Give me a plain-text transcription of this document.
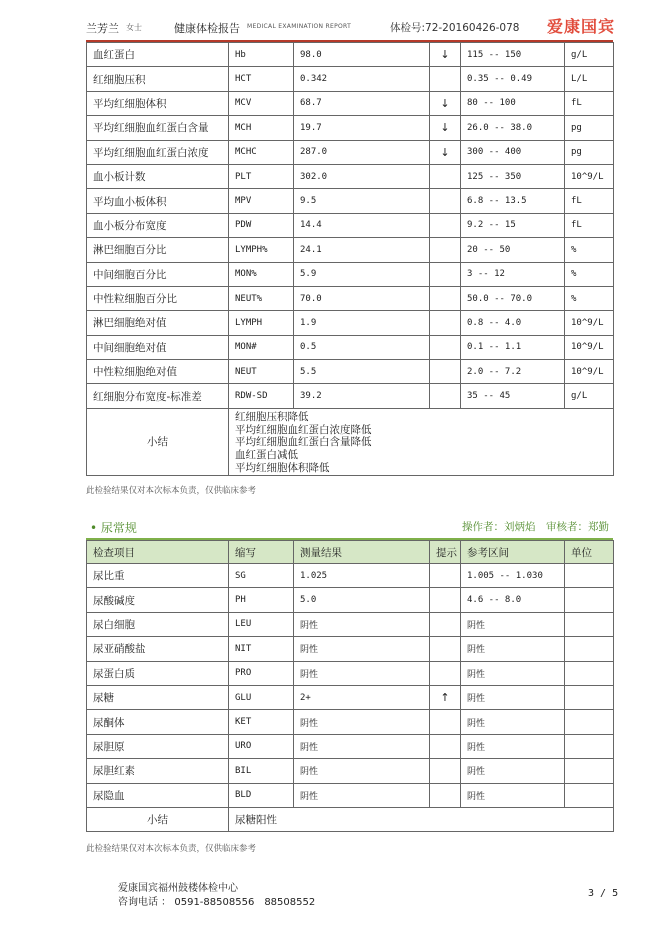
兰芳兰 女士	健康体检报告 MEDICAL EXAMINATION REPORT	体检号:72-20160426-078 爱康国宾
血红蛋白	Hb	98.0	↓	115 -- 150	g/L
红细胞压积	HCT	0.342		0.35 -- 0.49	L/L
平均红细胞体积	MCV	68.7	↓	80 -- 100	fL
平均红细胞血红蛋白含量	MCH	19.7	↓	26.0 -- 38.0	pg
平均红细胞血红蛋白浓度	MCHC	287.0	↓	300 -- 400	pg
血小板计数	PLT	302.0		125 -- 350	10^9/L
平均血小板体积	MPV	9.5		6.8 -- 13.5	fL
血小板分布宽度	PDW	14.4		9.2 -- 15	fL
淋巴细胞百分比	LYMPH%	24.1		20 -- 50	%
中间细胞百分比	MON%	5.9		3 -- 12	%
中性粒细胞百分比	NEUT%	70.0		50.0 -- 70.0	%
淋巴细胞绝对值	LYMPH	1.9		0.8 -- 4.0	10^9/L
中间细胞绝对值	MON#	0.5		0.1 -- 1.1	10^9/L
中性粒细胞绝对值	NEUT	5.5		2.0 -- 7.2	10^9/L
红细胞分布宽度-标准差	RDW-SD	39.2		35 -- 45	g/L
小结	红细胞压积降低
平均红细胞血红蛋白浓度降低
平均红细胞血红蛋白含量降低
血红蛋白减低
平均红细胞体积降低				
此检验结果仅对本次标本负责，仅供临床参考
• 尿常规	操作者：刘炳焰　审核者：郑勤
检查项目	缩写	测量结果	提示	参考区间	单位
尿比重	SG	1.025		1.005 -- 1.030	
尿酸碱度	PH	5.0		4.6 -- 8.0	
尿白细胞	LEU	阴性		阴性	
尿亚硝酸盐	NIT	阴性		阴性	
尿蛋白质	PRO	阴性		阴性	
尿糖	GLU	2+	↑	阴性	
尿酮体	KET	阴性		阴性	
尿胆原	URO	阴性		阴性	
尿胆红素	BIL	阴性		阴性	
尿隐血	BLD	阴性		阴性	
小结	尿糖阳性				
此检验结果仅对本次标本负责，仅供临床参考
爱康国宾福州鼓楼体检中心
咨询电话 ： 0591-88508556　88508552
3 / 5
